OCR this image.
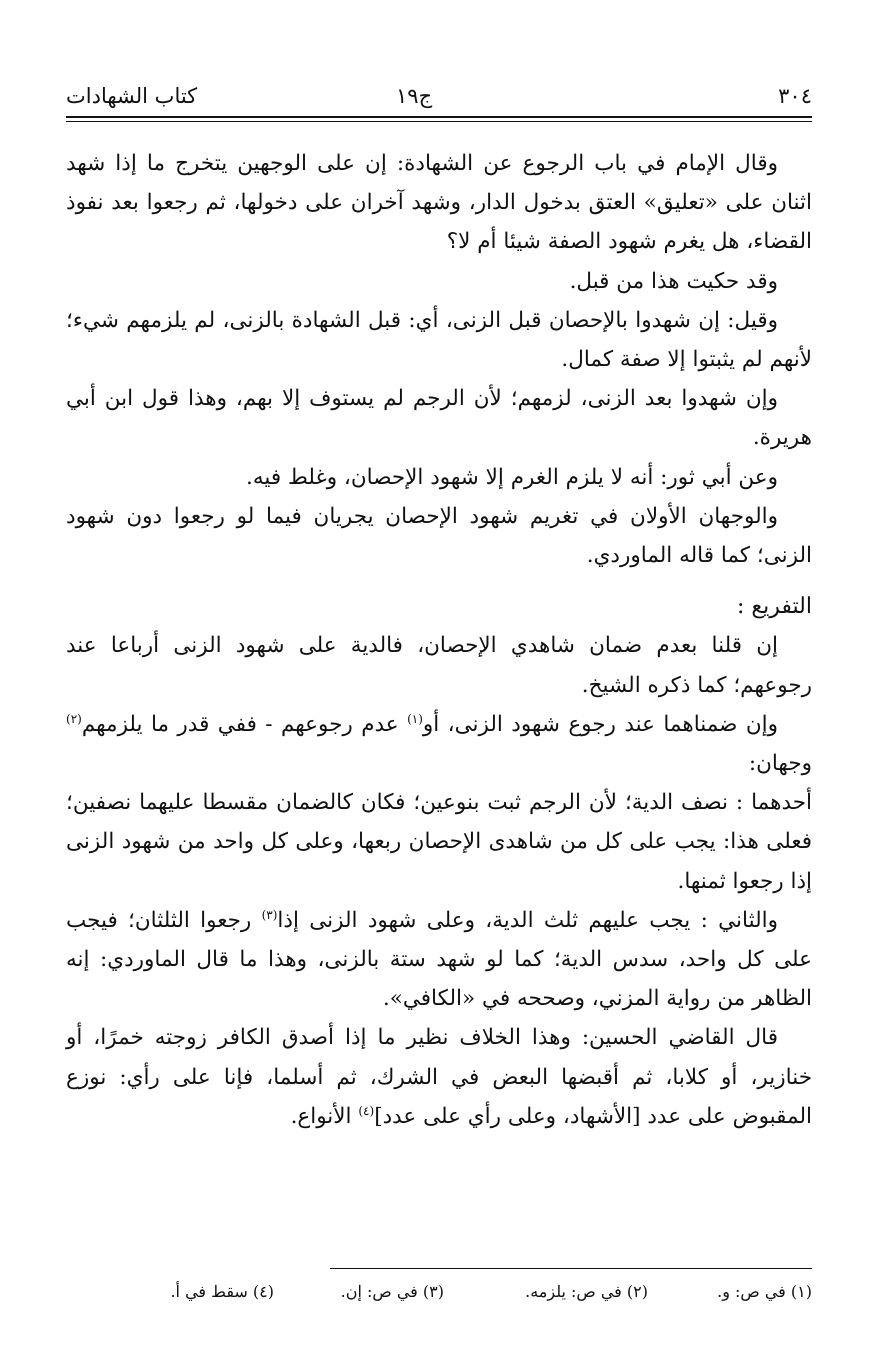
٣٠٤
ج١٩
كتاب الشهادات

وقال الإمام في باب الرجوع عن الشهادة: إن على الوجهين يتخرج ما إذا شهد اثنان على «تعليق» العتق بدخول الدار، وشهد آخران على دخولها، ثم رجعوا بعد نفوذ القضاء، هل يغرم شهود الصفة شيئا أم لا؟

وقد حكيت هذا من قبل.

وقيل: إن شهدوا بالإحصان قبل الزنى، أي: قبل الشهادة بالزنى، لم يلزمهم شيء؛ لأنهم لم يثبتوا إلا صفة كمال.

وإن شهدوا بعد الزنى، لزمهم؛ لأن الرجم لم يستوف إلا بهم، وهذا قول ابن أبي هريرة.

وعن أبي ثور: أنه لا يلزم الغرم إلا شهود الإحصان، وغلط فيه.

والوجهان الأولان في تغريم شهود الإحصان يجريان فيما لو رجعوا دون شهود الزنى؛ كما قاله الماوردي.

التفريع :

إن قلنا بعدم ضمان شاهدي الإحصان، فالدية على شهود الزنى أرباعا عند رجوعهم؛ كما ذكره الشيخ.

وإن ضمناهما عند رجوع شهود الزنى، أو$^{(١)}$ عدم رجوعهم - ففي قدر ما يلزمهم$^{(٢)}$ وجهان:

أحدهما : نصف الدية؛ لأن الرجم ثبت بنوعين؛ فكان كالضمان مقسطا عليهما نصفين؛ فعلى هذا: يجب على كل من شاهدى الإحصان ربعها، وعلى كل واحد من شهود الزنى إذا رجعوا ثمنها.

والثاني : يجب عليهم ثلث الدية، وعلى شهود الزنى إذا$^{(٣)}$ رجعوا الثلثان؛ فيجب على كل واحد، سدس الدية؛ كما لو شهد ستة بالزنى، وهذا ما قال الماوردي: إنه الظاهر من رواية المزني، وصححه في «الكافي».

قال القاضي الحسين: وهذا الخلاف نظير ما إذا أصدق الكافر زوجته خمرًا، أو خنازير، أو كلابا، ثم أقبضها البعض في الشرك، ثم أسلما، فإنا على رأي: نوزع المقبوض على عدد [الأشهاد، وعلى رأي على عدد]$^{(٤)}$ الأنواع.

(١) في ص: و.
(٢) في ص: يلزمه.
(٣) في ص: إن.
(٤) سقط في أ.
